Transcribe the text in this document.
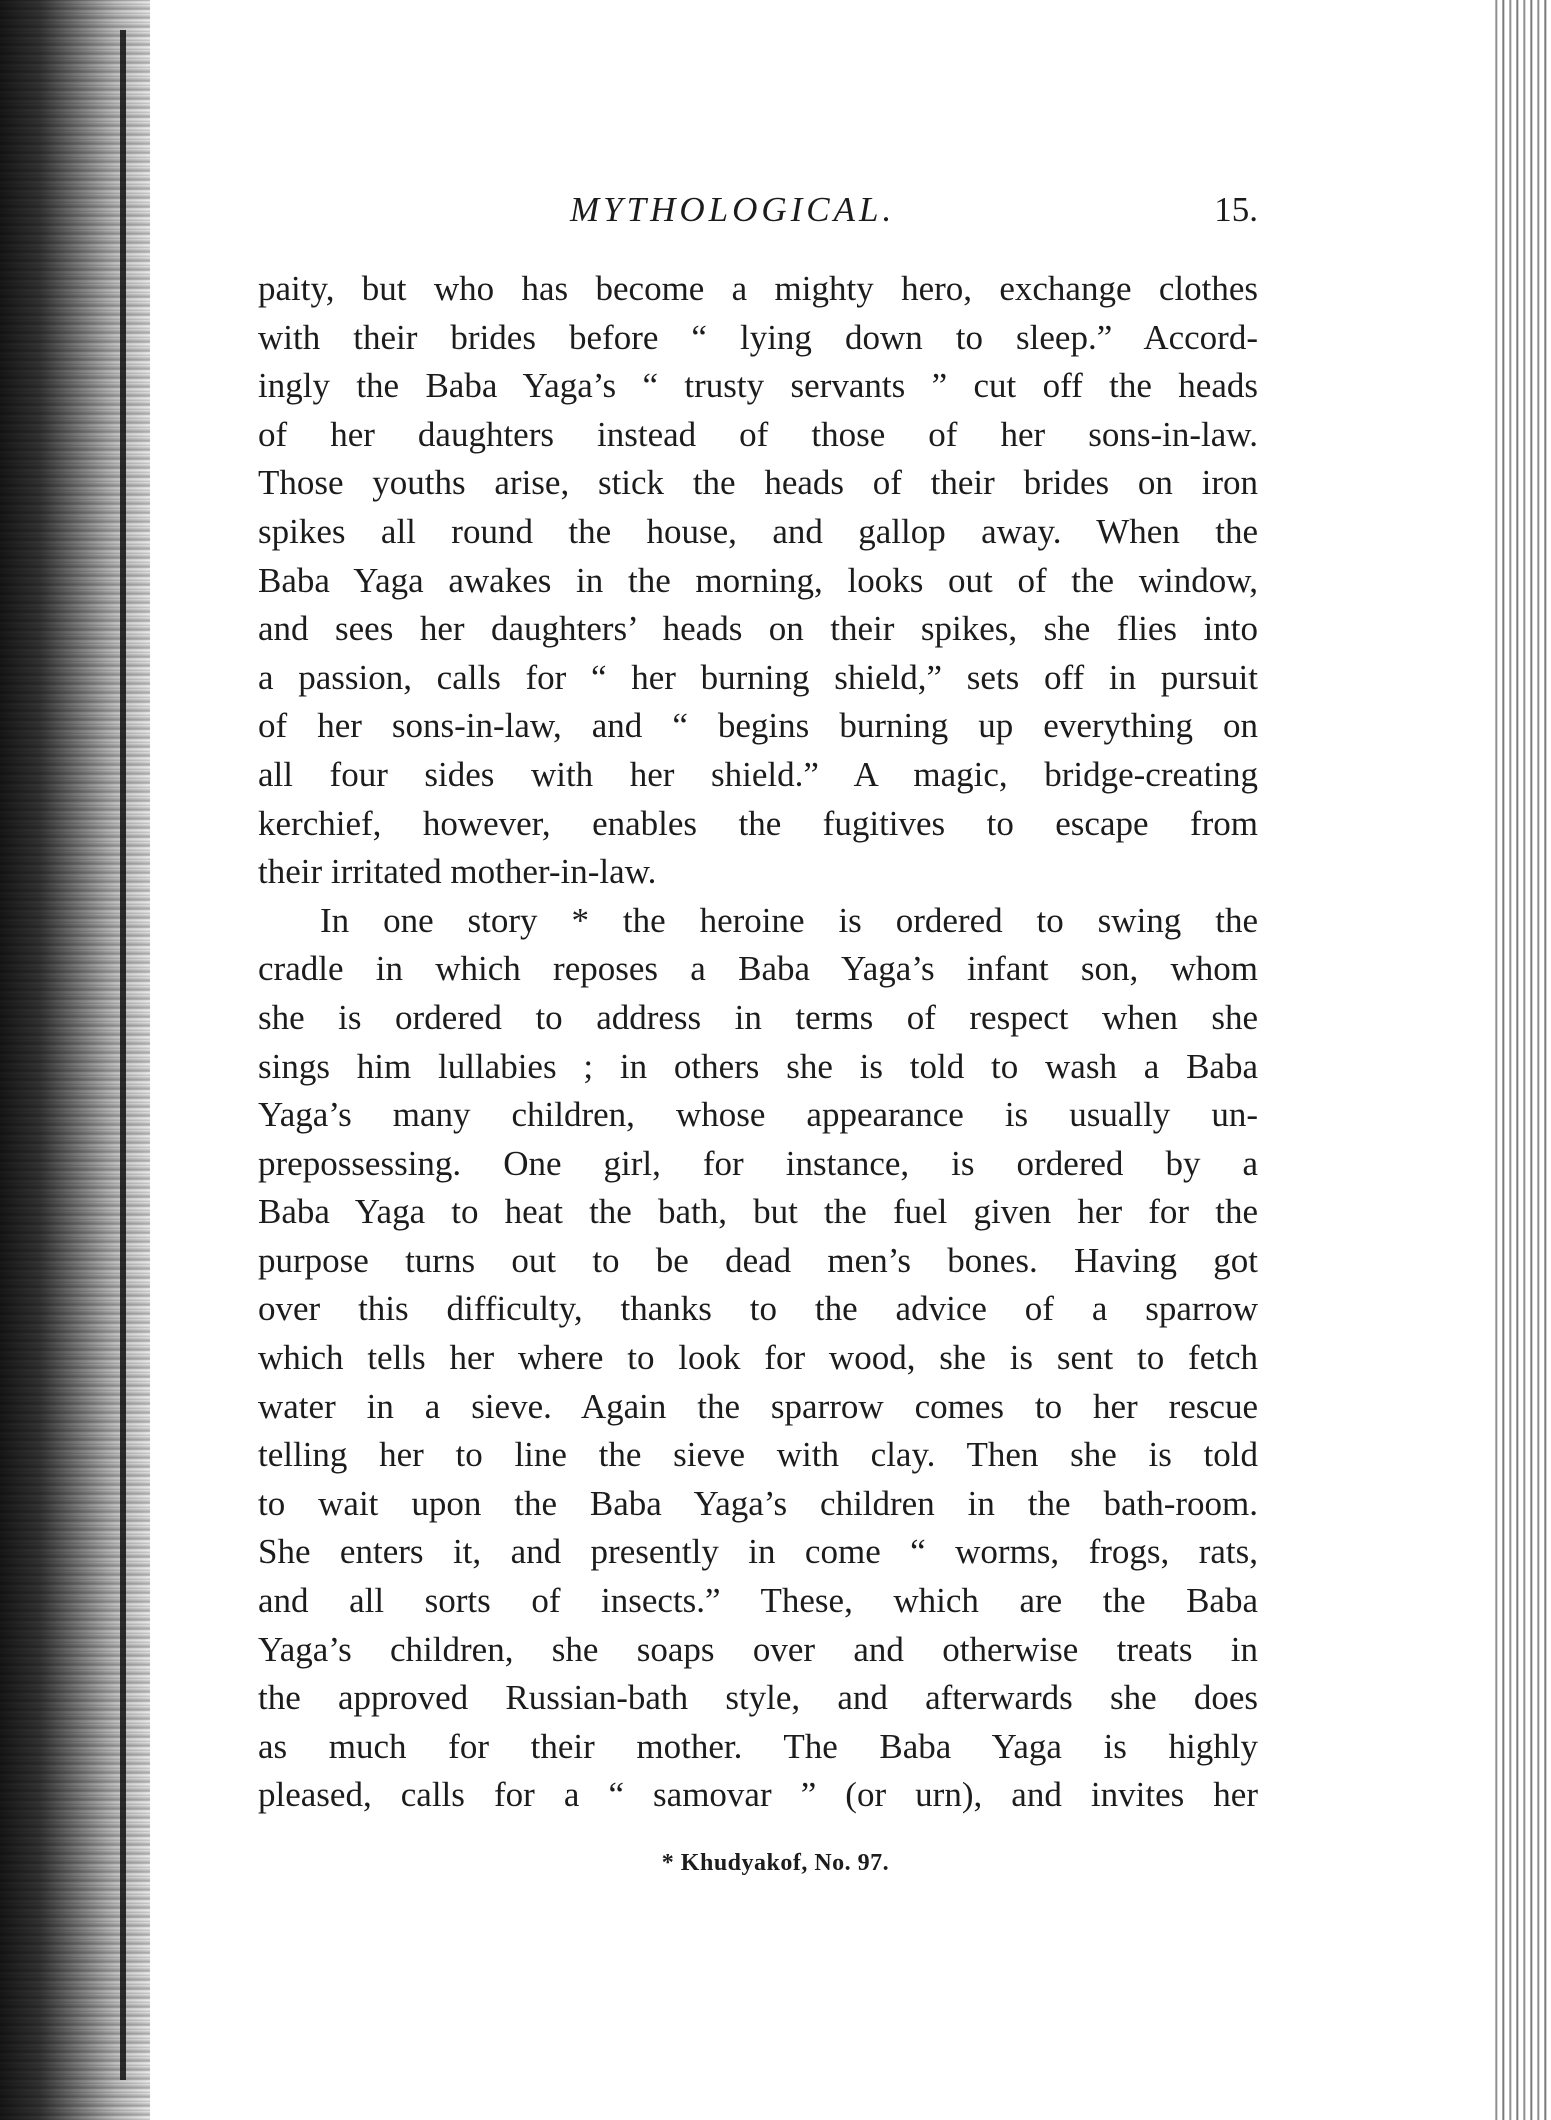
MYTHOLOGICAL.	15.
paity, but who has become a mighty hero, exchange clothes
with their brides before “ lying down to sleep.” Accord-
ingly the Baba Yaga’s “ trusty servants ” cut off the heads
of her daughters instead of those of her sons-in-law.
Those youths arise, stick the heads of their brides on iron
spikes all round the house, and gallop away. When the
Baba Yaga awakes in the morning, looks out of the window,
and sees her daughters’ heads on their spikes, she flies into
a passion, calls for “ her burning shield,” sets off in pursuit
of her sons-in-law, and “ begins burning up everything on
all four sides with her shield.” A magic, bridge-creating
kerchief, however, enables the fugitives to escape from
their irritated mother-in-law.
In one story * the heroine is ordered to swing the
cradle in which reposes a Baba Yaga’s infant son, whom
she is ordered to address in terms of respect when she
sings him lullabies ; in others she is told to wash a Baba
Yaga’s many children, whose appearance is usually un-
prepossessing. One girl, for instance, is ordered by a
Baba Yaga to heat the bath, but the fuel given her for the
purpose turns out to be dead men’s bones. Having got
over this difficulty, thanks to the advice of a sparrow
which tells her where to look for wood, she is sent to fetch
water in a sieve. Again the sparrow comes to her rescue
telling her to line the sieve with clay. Then she is told
to wait upon the Baba Yaga’s children in the bath-room.
She enters it, and presently in come “ worms, frogs, rats,
and all sorts of insects.” These, which are the Baba
Yaga’s children, she soaps over and otherwise treats in
the approved Russian-bath style, and afterwards she does
as much for their mother. The Baba Yaga is highly
pleased, calls for a “ samovar ” (or urn), and invites her
* Khudyakof, No. 97.
